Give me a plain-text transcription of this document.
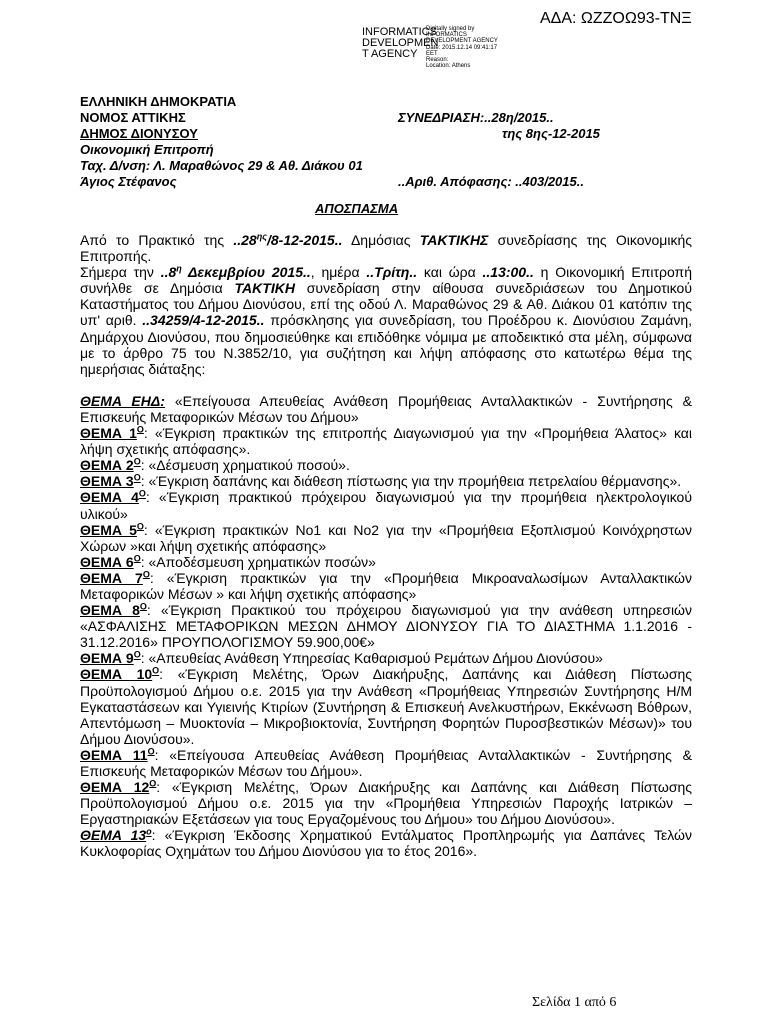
ΑΔΑ: ΩΖΖΟΩ93-ΤΝΞ
INFORMATICS
DEVELOPMEN
T AGENCY
Digitally signed by
INFORMATICS
DEVELOPMENT AGENCY
Date: 2015.12.14 09:41:17
EET
Reason:
Location: Athens
ΕΛΛΗΝΙΚΗ ΔΗΜΟΚΡΑΤΙΑ
ΝΟΜΟΣ ΑΤΤΙΚΗΣ
ΔΗΜΟΣ ΔΙΟΝΥΣΟΥ
Οικονομική Επιτροπή
Ταχ. Δ/νση: Λ. Μαραθώνος 29 & Αθ. Διάκου 01
Άγιος Στέφανος
ΣΥΝΕΔΡΙΑΣΗ:..28η/2015..
της 8ης-12-2015
..Αριθ. Απόφασης: ..403/2015..
ΑΠΟΣΠΑΣΜΑ

Από το Πρακτικό της $..28^{\eta\varsigma}/8-12-2015$.. Δημόσιας ΤΑΚΤΙΚΗΣ συνεδρίασης της Οικονομικής Επιτροπής.

Σήμερα την $..8^\eta$ Δεκεμβρίου 2015.., ημέρα ..Τρίτη.. και ώρα ..13:00.. η Οικονομική Επιτροπή συνήλθε σε Δημόσια ΤΑΚΤΙΚΗ συνεδρίαση στην αίθουσα συνεδριάσεων του Δημοτικού Καταστήματος του Δήμου Διονύσου, επί της οδού Λ. Μαραθώνος 29 & Αθ. Διάκου 01 κατόπιν της υπ' αριθ. ..34259/4-12-2015.. πρόσκλησης για συνεδρίαση, του Προέδρου κ. Διονύσιου Ζαμάνη, Δημάρχου Διονύσου, που δημοσιεύθηκε και επιδόθηκε νόμιμα με αποδεικτικό στα μέλη, σύμφωνα με το άρθρο 75 του Ν.3852/10, για συζήτηση και λήψη απόφασης στο κατωτέρω θέμα της ημερήσιας διάταξης:

ΘΕΜΑ ΕΗΔ: «Επείγουσα Απευθείας Ανάθεση Προμήθειας Ανταλλακτικών - Συντήρησης & Επισκευής Μεταφορικών Μέσων του Δήμου»

ΘΕΜΑ $1^O$: «Έγκριση πρακτικών της επιτροπής Διαγωνισμού για την «Προμήθεια Άλατος» και λήψη σχετικής απόφασης».

ΘΕΜΑ $2^O$: «Δέσμευση χρηματικού ποσού».

ΘΕΜΑ $3^O$: «Έγκριση δαπάνης και διάθεση πίστωσης για την προμήθεια πετρελαίου θέρμανσης».

ΘΕΜΑ $4^O$: «Έγκριση πρακτικού πρόχειρου διαγωνισμού για την προμήθεια ηλεκτρολογικού υλικού»

ΘΕΜΑ $5^O$: «Έγκριση πρακτικών Νο1 και Νο2 για την «Προμήθεια Εξοπλισμού Κοινόχρηστων Χώρων »και λήψη σχετικής απόφασης»

ΘΕΜΑ $6^O$: «Αποδέσμευση χρηματικών ποσών»

ΘΕΜΑ $7^O$: «Έγκριση πρακτικών για την «Προμήθεια Μικροαναλωσίμων Ανταλλακτικών Μεταφορικών Μέσων » και λήψη σχετικής απόφασης»

ΘΕΜΑ $8^O$: «Έγκριση Πρακτικού του πρόχειρου διαγωνισμού για την ανάθεση υπηρεσιών «ΑΣΦΑΛΙΣΗΣ ΜΕΤΑΦΟΡΙΚΩΝ ΜΕΣΩΝ ΔΗΜΟΥ ΔΙΟΝΥΣΟΥ ΓΙΑ ΤΟ ΔΙΑΣΤΗΜΑ 1.1.2016 - 31.12.2016» ΠΡΟΥΠΟΛΟΓΙΣΜΟΥ 59.900,00€»

ΘΕΜΑ $9^O$: «Απευθείας Ανάθεση Υπηρεσίας Καθαρισμού Ρεμάτων Δήμου Διονύσου»

ΘΕΜΑ $10^O$: «Έγκριση Μελέτης, Όρων Διακήρυξης, Δαπάνης και Διάθεση Πίστωσης Προϋπολογισμού Δήμου ο.ε. 2015 για την Ανάθεση «Προμήθειας Υπηρεσιών Συντήρησης Η/Μ Εγκαταστάσεων και Υγιεινής Κτιρίων (Συντήρηση & Επισκευή Ανελκυστήρων, Εκκένωση Βόθρων, Απεντόμωση – Μυοκτονία – Μικροβιοκτονία, Συντήρηση Φορητών Πυροσβεστικών Μέσων)» του Δήμου Διονύσου».

ΘΕΜΑ $11^O$: «Επείγουσα Απευθείας Ανάθεση Προμήθειας Ανταλλακτικών - Συντήρησης & Επισκευής Μεταφορικών Μέσων του Δήμου».

ΘΕΜΑ $12^O$: «Έγκριση Μελέτης, Όρων Διακήρυξης και Δαπάνης και Διάθεση Πίστωσης Προϋπολογισμού Δήμου ο.ε. 2015 για την «Προμήθεια Υπηρεσιών Παροχής Ιατρικών – Εργαστηριακών Εξετάσεων για τους Εργαζομένους του Δήμου» του Δήμου Διονύσου».

ΘΕΜΑ $13^o$: «Έγκριση Έκδοσης Χρηματικού Εντάλματος Προπληρωμής για Δαπάνες Τελών Κυκλοφορίας Οχημάτων του Δήμου Διονύσου για το έτος 2016».

Σελίδα 1 από 6
